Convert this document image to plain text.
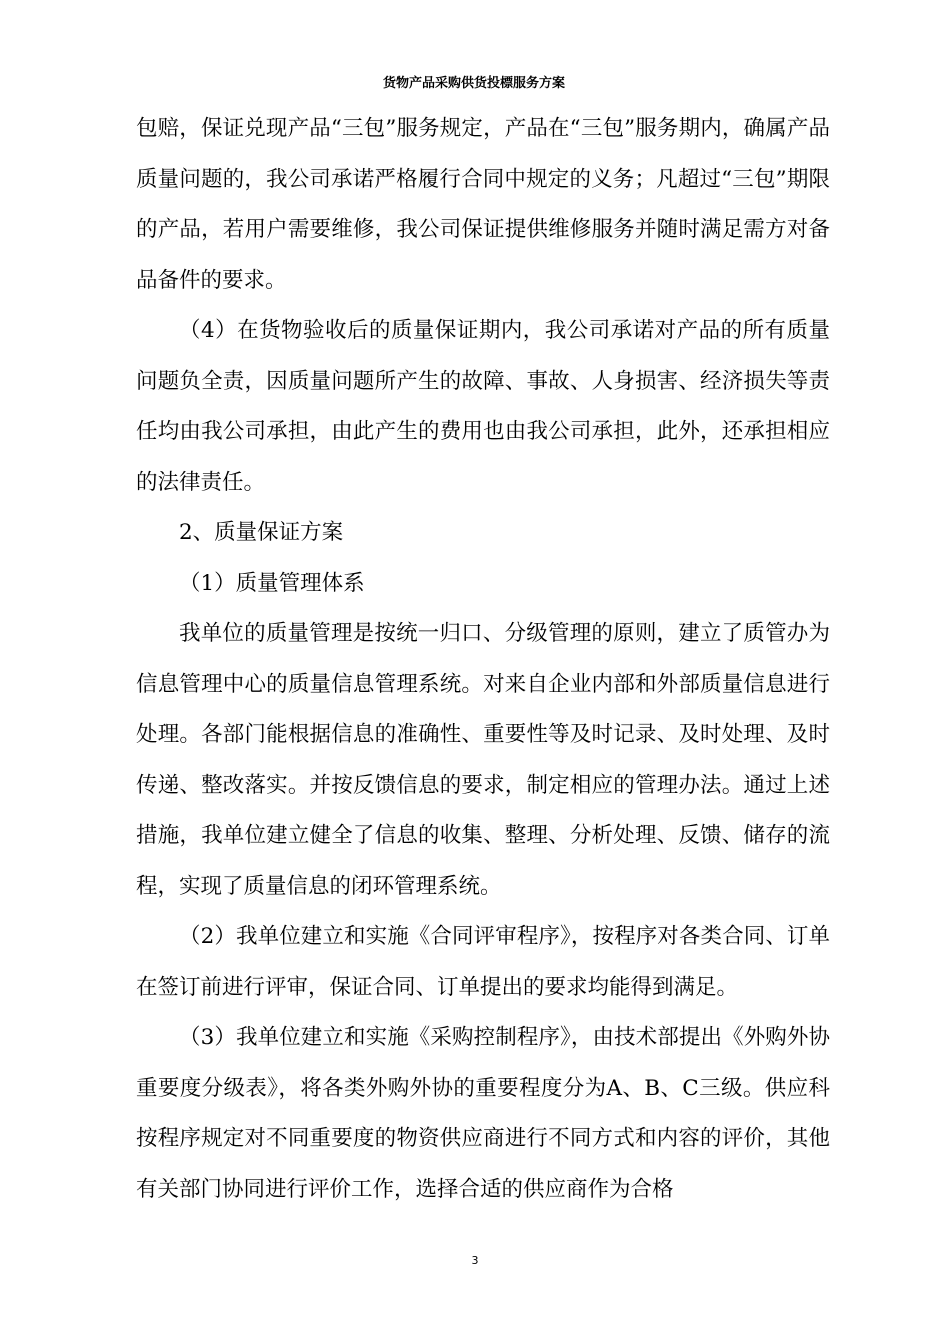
货物产品采购供货投標服务方案

包赔，保证兑现产品“三包”服务规定，产品在“三包”服务期内，确属产品质量问题的，我公司承诺严格履行合同中规定的义务；凡超过“三包”期限的产品，若用户需要维修，我公司保证提供维修服务并随时满足需方对备品备件的要求。

（4）在货物验收后的质量保证期内，我公司承诺对产品的所有质量问题负全责，因质量问题所产生的故障、事故、人身损害、经济损失等责任均由我公司承担，由此产生的费用也由我公司承担，此外，还承担相应的法律责任。

2、质量保证方案

（1）质量管理体系

我单位的质量管理是按统一归口、分级管理的原则，建立了质管办为信息管理中心的质量信息管理系统。对来自企业内部和外部质量信息进行处理。各部门能根据信息的准确性、重要性等及时记录、及时处理、及时传递、整改落实。并按反馈信息的要求，制定相应的管理办法。通过上述措施，我单位建立健全了信息的收集、整理、分析处理、反馈、储存的流程，实现了质量信息的闭环管理系统。

（2）我单位建立和实施《合同评审程序》，按程序对各类合同、订单在签订前进行评审，保证合同、订单提出的要求均能得到满足。

（3）我单位建立和实施《采购控制程序》，由技术部提出《外购外协重要度分级表》，将各类外购外协的重要程度分为A、B、C三级。供应科按程序规定对不同重要度的物资供应商进行不同方式和内容的评价，其他有关部门协同进行评价工作，选择合适的供应商作为合格

3
